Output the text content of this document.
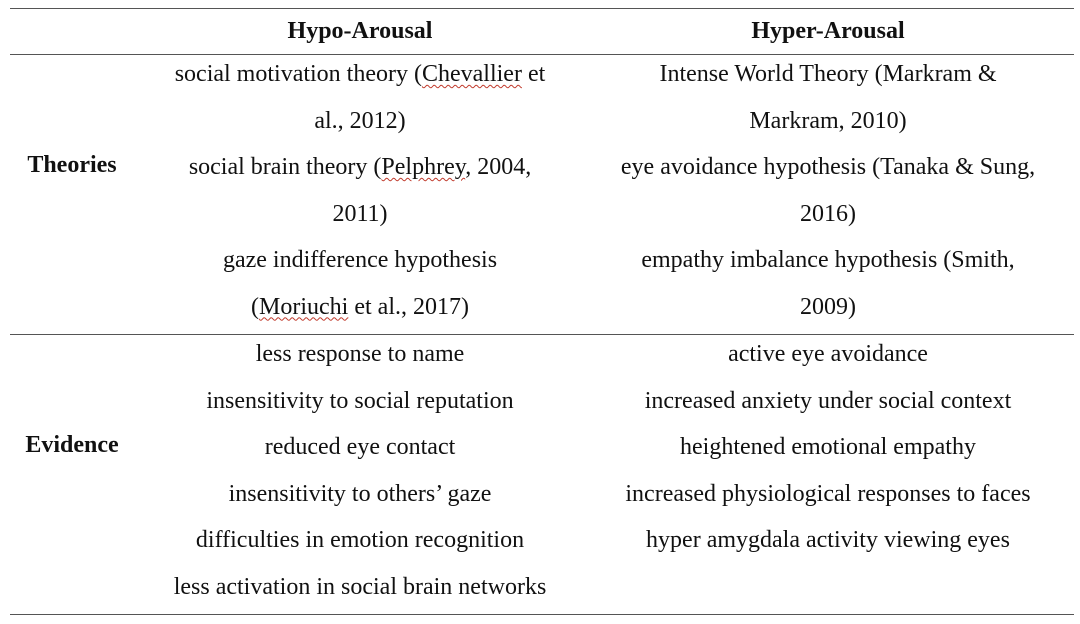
Hypo-Arousal	Hyper-Arousal
Theories
Evidence
social motivation theory (Chevallier et
al., 2012)
social brain theory (Pelphrey, 2004,
2011)
gaze indifference hypothesis
(Moriuchi et al., 2017)
Intense World Theory (Markram &
Markram, 2010)
eye avoidance hypothesis (Tanaka & Sung,
2016)
empathy imbalance hypothesis (Smith,
2009)
less response to name
insensitivity to social reputation
reduced eye contact
insensitivity to others’ gaze
difficulties in emotion recognition
less activation in social brain networks
active eye avoidance
increased anxiety under social context
heightened emotional empathy
increased physiological responses to faces
hyper amygdala activity viewing eyes
